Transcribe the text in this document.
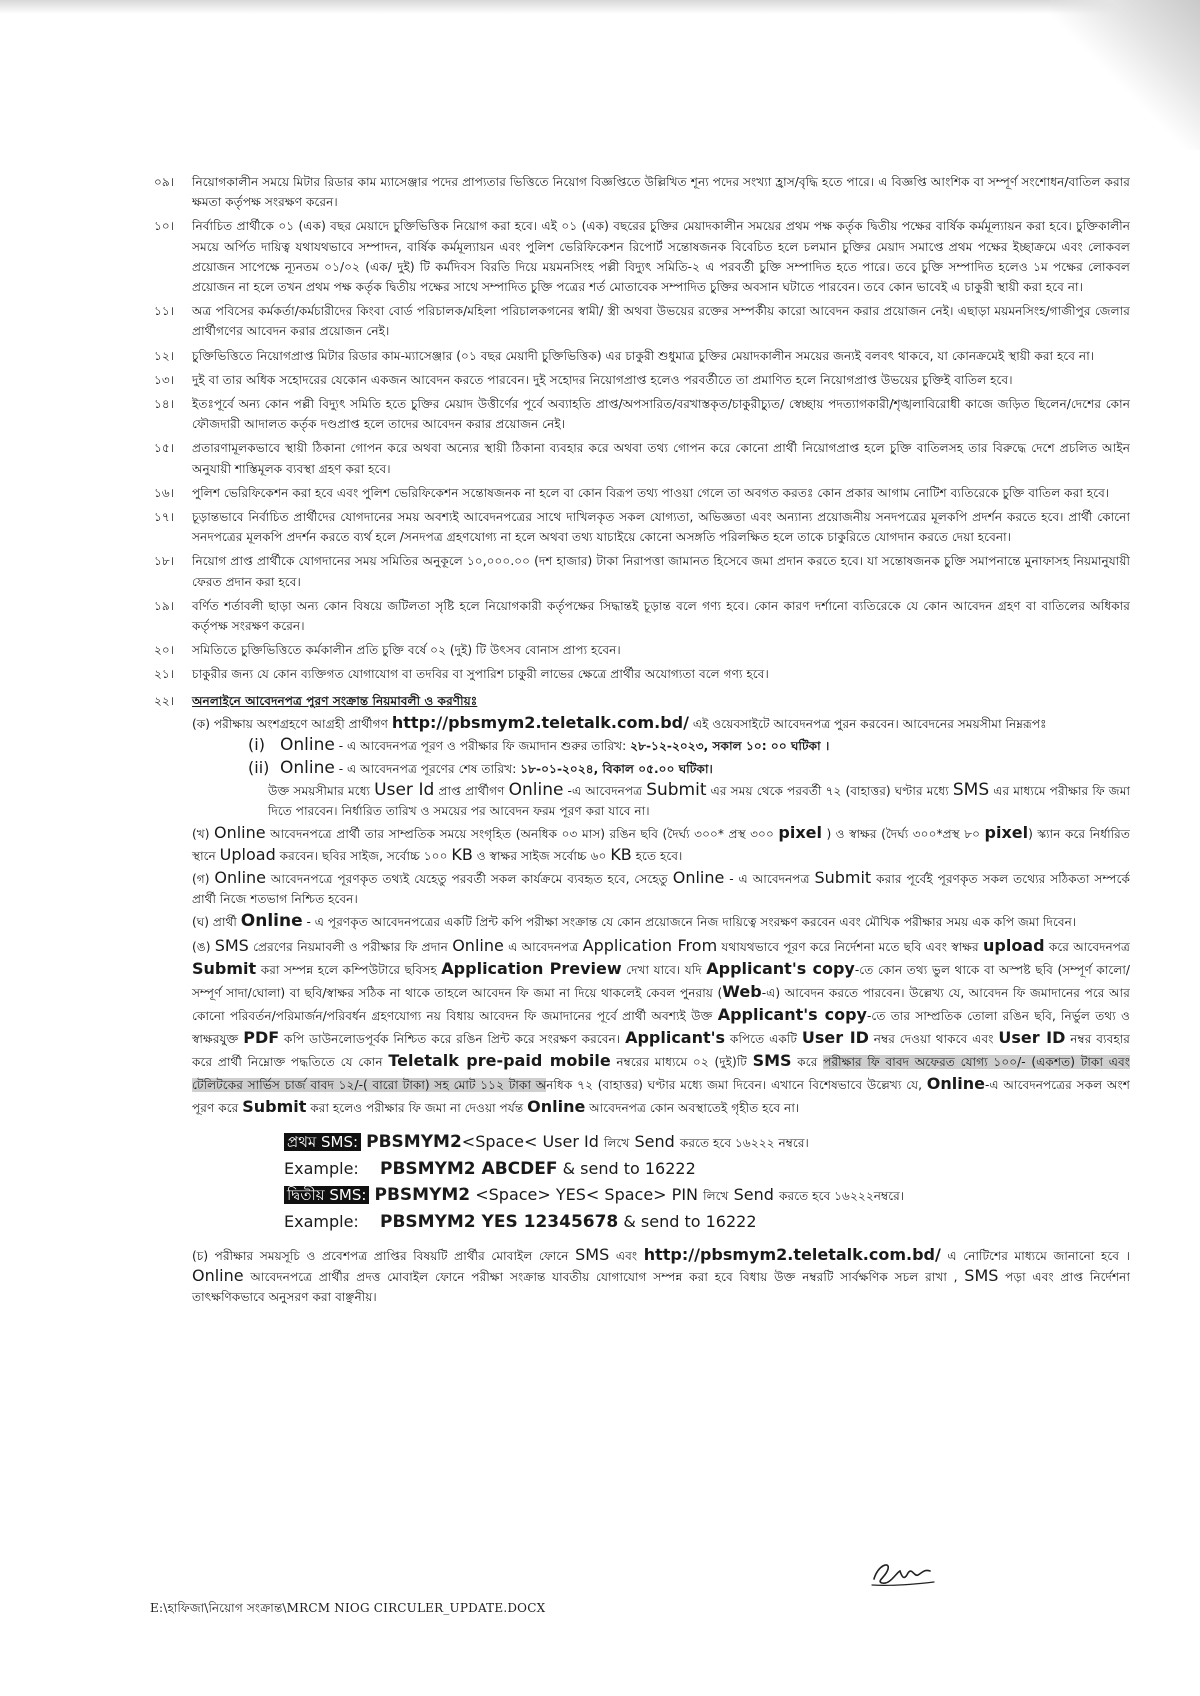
০৯।	নিয়োগকালীন সময়ে মিটার রিডার কাম ম্যাসেঞ্জার পদের প্রাপ্যতার ভিত্তিতে নিয়োগ বিজ্ঞপ্তিতে উল্লিখিত শূন্য পদের সংখ্যা হ্রাস/বৃদ্ধি হতে পারে। এ বিজ্ঞপ্তি আংশিক বা সম্পূর্ণ সংশোধন/বাতিল করার ক্ষমতা কর্তৃপক্ষ সংরক্ষণ করেন।
১০।	নির্বাচিত প্রার্থীকে ০১ (এক) বছর মেয়াদে চুক্তিভিত্তিক নিয়োগ করা হবে। এই ০১ (এক) বছরের চুক্তির মেয়াদকালীন সময়ের প্রথম পক্ষ কর্তৃক দ্বিতীয় পক্ষের বার্ষিক কর্মমূল্যায়ন করা হবে। চুক্তিকালীন সময়ে অর্পিত দায়িত্ব যথাযথভাবে সম্পাদন, বার্ষিক কর্মমূল্যায়ন এবং পুলিশ ভেরিফিকেশন রিপোর্ট সন্তোষজনক বিবেচিত হলে চলমান চুক্তির মেয়াদ সমাপ্তে প্রথম পক্ষের ইচ্ছাক্রমে এবং লোকবল প্রয়োজন সাপেক্ষে ন্যূনতম ০১/০২ (এক/ দুই) টি কর্মদিবস বিরতি দিয়ে ময়মনসিংহ পল্লী বিদ্যুৎ সমিতি-২ এ পরবর্তী চুক্তি সম্পাদিত হতে পারে। তবে চুক্তি সম্পাদিত হলেও ১ম পক্ষের লোকবল প্রয়োজন না হলে তখন প্রথম পক্ষ কর্তৃক দ্বিতীয় পক্ষের সাথে সম্পাদিত চুক্তি পত্রের শর্ত মোতাবেক সম্পাদিত চুক্তির অবসান ঘটাতে পারবেন। তবে কোন ভাবেই এ চাকুরী স্থায়ী করা হবে না।
১১।	অত্র পবিসের কর্মকর্তা/কর্মচারীদের কিংবা বোর্ড পরিচালক/মহিলা পরিচালকগনের স্বামী/ স্ত্রী অথবা উভয়ের রক্তের সম্পর্কীয় কারো আবেদন করার প্রয়োজন নেই। এছাড়া ময়মনসিংহ/গাজীপুর জেলার প্রার্থীগণের আবেদন করার প্রয়োজন নেই।
১২।	চুক্তিভিত্তিতে নিয়োগপ্রাপ্ত মিটার রিডার কাম-ম্যাসেঞ্জার (০১ বছর মেয়াদী চুক্তিভিত্তিক) এর চাকুরী শুধুমাত্র চুক্তির মেয়াদকালীন সময়ের জন্যই বলবৎ থাকবে, যা কোনক্রমেই স্থায়ী করা হবে না।
১৩।	দুই বা তার অধিক সহোদরের যেকোন একজন আবেদন করতে পারবেন। দুই সহোদর নিয়োগপ্রাপ্ত হলেও পরবর্তীতে তা প্রমাণিত হলে নিয়োগপ্রাপ্ত উভয়ের চুক্তিই বাতিল হবে।
১৪।	ইতঃপূর্বে অন্য কোন পল্লী বিদ্যুৎ সমিতি হতে চুক্তির মেয়াদ উত্তীর্ণের পূর্বে অব্যাহতি প্রাপ্ত/অপসারিত/বরখাস্তকৃত/চাকুরীচ্যুত/ স্বেচ্ছায় পদত্যাগকারী/শৃঙ্খলাবিরোধী কাজে জড়িত ছিলেন/দেশের কোন ফৌজদারী আদালত কর্তৃক দণ্ডপ্রাপ্ত হলে তাদের আবেদন করার প্রয়োজন নেই।
১৫।	প্রতারণামূলকভাবে স্থায়ী ঠিকানা গোপন করে অথবা অন্যের স্থায়ী ঠিকানা ব্যবহার করে অথবা তথ্য গোপন করে কোনো প্রার্থী নিয়োগপ্রাপ্ত হলে চুক্তি বাতিলসহ তার বিরুদ্ধে দেশে প্রচলিত আইন অনুযায়ী শাস্তিমূলক ব্যবস্থা গ্রহণ করা হবে।
১৬।	পুলিশ ভেরিফিকেশন করা হবে এবং পুলিশ ভেরিফিকেশন সন্তোষজনক না হলে বা কোন বিরূপ তথ্য পাওয়া গেলে তা অবগত করতঃ কোন প্রকার আগাম নোটিশ ব্যতিরেকে চুক্তি বাতিল করা হবে।
১৭।	চূড়ান্তভাবে নির্বাচিত প্রার্থীদের যোগদানের সময় অবশ্যই আবেদনপত্রের সাথে দাখিলকৃত সকল যোগ্যতা, অভিজ্ঞতা এবং অন্যান্য প্রয়োজনীয় সনদপত্রের মূলকপি প্রদর্শন করতে হবে। প্রার্থী কোনো সনদপত্রের মূলকপি প্রদর্শন করতে ব্যর্থ হলে /সনদপত্র গ্রহণযোগ্য না হলে অথবা তথ্য যাচাইয়ে কোনো অসঙ্গতি পরিলক্ষিত হলে তাকে চাকুরিতে যোগদান করতে দেয়া হবেনা।
১৮।	নিয়োগ প্রাপ্ত প্রার্থীকে যোগদানের সময় সমিতির অনুকূলে ১০,০০০.০০ (দশ হাজার) টাকা নিরাপত্তা জামানত হিসেবে জমা প্রদান করতে হবে। যা সন্তোষজনক চুক্তি সমাপনান্তে মুনাফাসহ নিয়মানুযায়ী ফেরত প্রদান করা হবে।
১৯।	বর্ণিত শর্তাবলী ছাড়া অন্য কোন বিষয়ে জটিলতা সৃষ্টি হলে নিয়োগকারী কর্তৃপক্ষের সিদ্ধান্তই চূড়ান্ত বলে গণ্য হবে। কোন কারণ দর্শানো ব্যতিরেকে যে কোন আবেদন গ্রহণ বা বাতিলের অধিকার কর্তৃপক্ষ সংরক্ষণ করেন।
২০।	সমিতিতে চুক্তিভিত্তিতে কর্মকালীন প্রতি চুক্তি বর্ষে ০২ (দুই) টি উৎসব বোনাস প্রাপ্য হবেন।
২১।	চাকুরীর জন্য যে কোন ব্যক্তিগত যোগাযোগ বা তদবির বা সুপারিশ চাকুরী লাভের ক্ষেত্রে প্রার্থীর অযোগ্যতা বলে গণ্য হবে।
২২।	অনলাইনে আবেদনপত্র পুরণ সংক্রান্ত নিয়মাবলী ও করণীয়ঃ
(ক) পরীক্ষায় অংশগ্রহণে আগ্রহী প্রার্থীগণ http://pbsmym2.teletalk.com.bd/ এই ওয়েবসাইটে আবেদনপত্র পুরন করবেন। আবেদনের সময়সীমা নিম্নরূপঃ
(i) Online - এ আবেদনপত্র পূরণ ও পরীক্ষার ফি জমাদান শুরুর তারিখ: ২৮-১২-২০২৩, সকাল ১০: ০০ ঘটিকা ।
(ii) Online - এ আবেদনপত্র পূরণের শেষ তারিখ: ১৮-০১-২০২৪, বিকাল ০৫.০০ ঘটিকা।
উক্ত সময়সীমার মধ্যে User Id প্রাপ্ত প্রার্থীগণ Online -এ আবেদনপত্র Submit এর সময় থেকে পরবর্তী ৭২ (বাহাত্তর) ঘণ্টার মধ্যে SMS এর মাধ্যমে পরীক্ষার ফি জমা দিতে পারবেন। নির্ধারিত তারিখ ও সময়ের পর আবেদন ফরম পূরণ করা যাবে না।
(খ) Online আবেদনপত্রে প্রার্থী তার সাম্প্রতিক সময়ে সংগৃহিত (অনধিক ০৩ মাস) রঙিন ছবি (দৈর্ঘ্য ৩০০* প্রস্থ ৩০০ pixel ) ও স্বাক্ষর (দৈর্ঘ্য ৩০০*প্রস্থ ৮০ pixel) স্ক্যান করে নির্ধারিত স্থানে Upload করবেন। ছবির সাইজ, সর্বোচ্চ ১০০ KB ও স্বাক্ষর সাইজ সর্বোচ্চ ৬০ KB হতে হবে।
(গ) Online আবেদনপত্রে পূরণকৃত তথ্যই যেহেতু পরবর্তী সকল কার্যক্রমে ব্যবহৃত হবে, সেহেতু Online - এ আবেদনপত্র Submit করার পূর্বেই পূরণকৃত সকল তথ্যের সঠিকতা সম্পর্কে প্রার্থী নিজে শতভাগ নিশ্চিত হবেন।
(ঘ) প্রার্থী Online - এ পূরণকৃত আবেদনপত্রের একটি প্রিন্ট কপি পরীক্ষা সংক্রান্ত যে কোন প্রয়োজনে নিজ দায়িত্বে সংরক্ষণ করবেন এবং মৌখিক পরীক্ষার সময় এক কপি জমা দিবেন।
(ঙ) SMS প্রেরণের নিয়মাবলী ও পরীক্ষার ফি প্রদান Online এ আবেদনপত্র Application From যথাযথভাবে পূরণ করে নির্দেশনা মতে ছবি এবং স্বাক্ষর upload করে আবেদনপত্র Submit করা সম্পন্ন হলে কম্পিউটারে ছবিসহ Application Preview দেখা যাবে। যদি Applicant's copy-তে কোন তথ্য ভুল থাকে বা অস্পষ্ট ছবি (সম্পূর্ণ কালো/সম্পূর্ণ সাদা/ঘোলা) বা ছবি/স্বাক্ষর সঠিক না থাকে তাহলে আবেদন ফি জমা না দিয়ে থাকলেই কেবল পুনরায় (Web-এ) আবেদন করতে পারবেন। উল্লেখ্য যে, আবেদন ফি জমাদানের পরে আর কোনো পরিবর্তন/পরিমার্জন/পরিবর্ধন গ্রহণযোগ্য নয় বিধায় আবেদন ফি জমাদানের পূর্বে প্রার্থী অবশ্যই উক্ত Applicant's copy-তে তার সাম্প্রতিক তোলা রঙিন ছবি, নির্ভুল তথ্য ও স্বাক্ষরযুক্ত PDF কপি ডাউনলোডপূর্বক নিশ্চিত করে রঙিন প্রিন্ট করে সংরক্ষণ করবেন। Applicant's কপিতে একটি User ID নম্বর দেওয়া থাকবে এবং User ID নম্বর ব্যবহার করে প্রার্থী নিম্নোক্ত পদ্ধতিতে যে কোন Teletalk pre-paid mobile নম্বরের মাধ্যমে ০২ (দুই)টি SMS করে পরীক্ষার ফি বাবদ অফেরত যোগ্য ১০০/- (একশত) টাকা এবং টেলিটকের সার্ভিস চার্জ বাবদ ১২/-( বারো টাকা) সহ মোট ১১২ টাকা অনধিক ৭২ (বাহাত্তর) ঘণ্টার মধ্যে জমা দিবেন। এখানে বিশেষভাবে উল্লেখ্য যে, Online-এ আবেদনপত্রের সকল অংশ পূরণ করে Submit করা হলেও পরীক্ষার ফি জমা না দেওয়া পর্যন্ত Online আবেদনপত্র কোন অবস্থাতেই গৃহীত হবে না।
প্রথম SMS: PBSMYM2<Space< User Id লিখে Send করতে হবে ১৬২২২ নম্বরে।
Example: PBSMYM2 ABCDEF & send to 16222
দ্বিতীয় SMS: PBSMYM2 <Space> YES< Space> PIN লিখে Send করতে হবে ১৬২২২নম্বরে।
Example: PBSMYM2 YES 12345678 & send to 16222
(চ) পরীক্ষার সময়সূচি ও প্রবেশপত্র প্রাপ্তির বিষয়টি প্রার্থীর মোবাইল ফোনে SMS এবং http://pbsmym2.teletalk.com.bd/ এ নোটিশের মাধ্যমে জানানো হবে । Online আবেদনপত্রে প্রার্থীর প্রদত্ত মোবাইল ফোনে পরীক্ষা সংক্রান্ত যাবতীয় যোগাযোগ সম্পন্ন করা হবে বিধায় উক্ত নম্বরটি সার্বক্ষণিক সচল রাখা , SMS পড়া এবং প্রাপ্ত নির্দেশনা তাৎক্ষণিকভাবে অনুসরণ করা বাঞ্ছনীয়।
E:\হাফিজা\নিয়োগ সংক্রান্ত\MRCM NIOG CIRCULER_UPDATE.DOCX
